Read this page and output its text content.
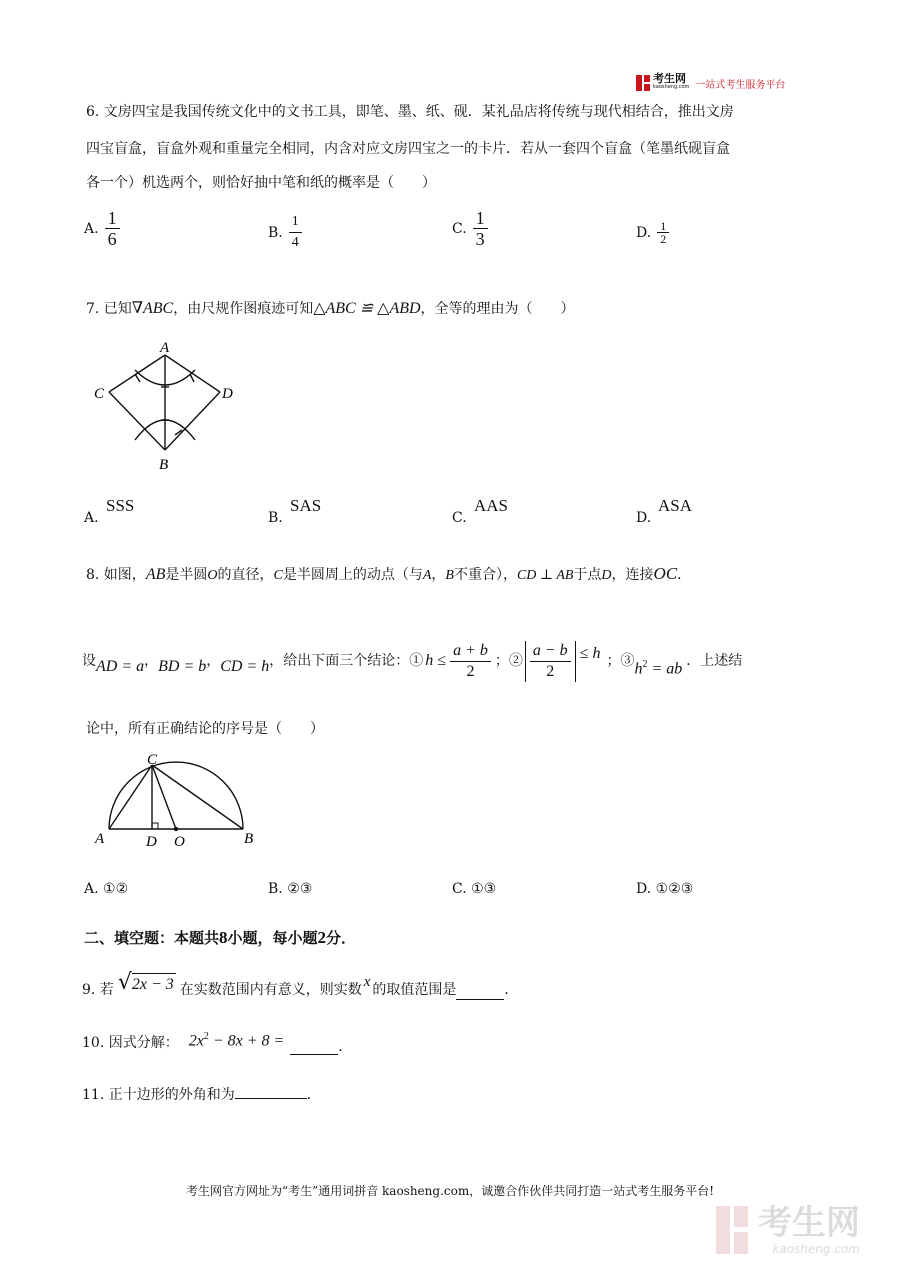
考生网
kaosheng.com 一站式考生服务平台
6. 文房四宝是我国传统文化中的文书工具，即笔、墨、纸、砚．某礼品店将传统与现代相结合，推出文房
四宝盲盒，盲盒外观和重量完全相同，内含对应文房四宝之一的卡片．若从一套四个盲盒（笔墨纸砚盲盒
各一个）机选两个，则恰好抽中笔和纸的概率是（　　）
A. $\frac{1}{6}$	B. $\frac{1}{4}$	C. $\frac{1}{3}$	D. $\frac{1}{2}$
7. 已知∇ABC，由尺规作图痕迹可知△ABC ≌ △ABD，全等的理由为（　　）
A
C	D
B
A.
SSS
B.
SAS
C.
AAS
D.
ASA
8. 如图，AB是半圆O的直径，C是半圆周上的动点（与A，B不重合），CD ⊥ AB于点D，连接OC．
设 AD = a ， BD = b ， CD = h ，给出下面三个结论：① $h \le \frac{a + b}{2}$ ；② $\frac{a - b}{2} \le h$ ；③ $h^2$ = ab ．上述结
论中，所有正确结论的序号是（　　）
C
A	D O	B
A. ①②	B. ②③	C. ①③	D. ①②③
二、填空题：本题共8小题，每小题2分．
9. 若 √ 2x − 3 在实数范围内有意义，则实数 x 的取值范围是	．
10. 因式分解： $2x^2 - 8x + 8$ =	．
11. 正十边形的外角和为	．
考生网官方网址为“考生”通用词拼音 kaosheng.com，诚邀合作伙伴共同打造一站式考生服务平台!
考生网
kaosheng.com
